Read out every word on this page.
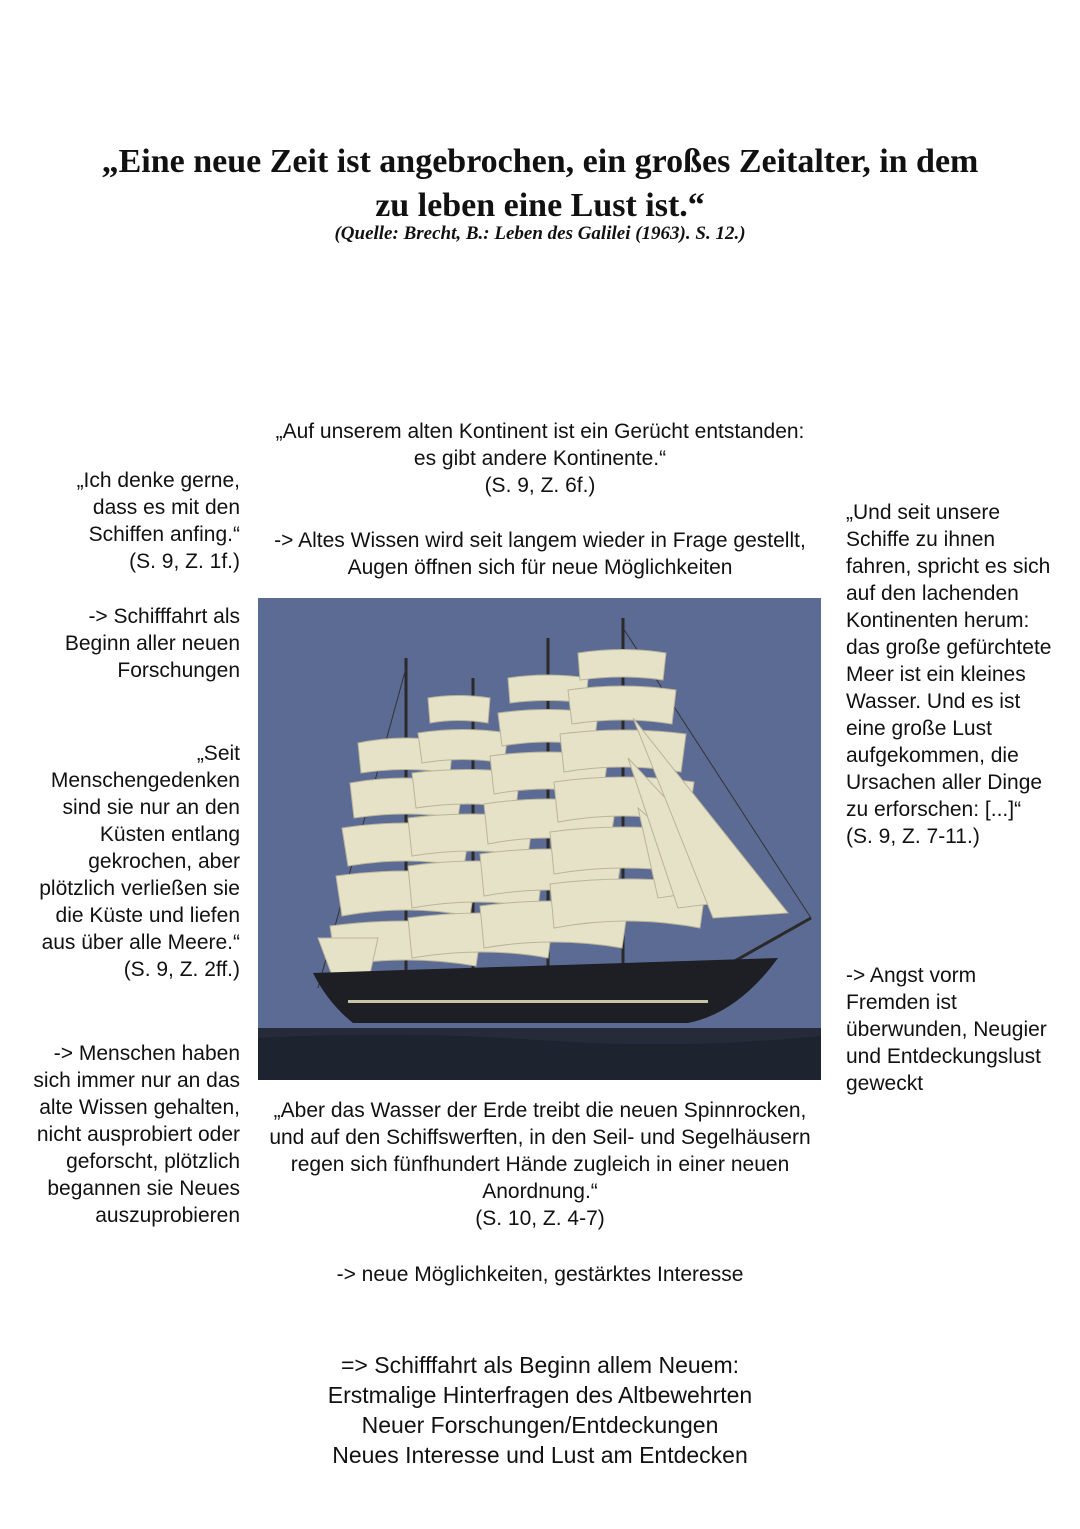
„Eine neue Zeit ist angebrochen, ein großes Zeitalter, in dem zu leben eine Lust ist.“
(Quelle: Brecht, B.: Leben des Galilei (1963). S. 12.)
„Ich denke gerne, dass es mit den Schiffen anfing.“
(S. 9, Z. 1f.)
-> Schifffahrt als Beginn aller neuen Forschungen
„Seit Menschengedenken sind sie nur an den Küsten entlang gekrochen, aber plötzlich verließen sie die Küste und liefen aus über alle Meere.“
(S. 9, Z. 2ff.)
-> Menschen haben sich immer nur an das alte Wissen gehalten, nicht ausprobiert oder geforscht, plötzlich begannen sie Neues auszuprobieren
„Auf unserem alten Kontinent ist ein Gerücht entstanden: es gibt andere Kontinente.“
(S. 9, Z. 6f.)
-> Altes Wissen wird seit langem wieder in Frage gestellt, Augen öffnen sich für neue Möglichkeiten
„Aber das Wasser der Erde treibt die neuen Spinnrocken, und auf den Schiffswerften, in den Seil- und Segelhäusern regen sich fünfhundert Hände zugleich in einer neuen Anordnung.“
(S. 10, Z. 4-7)
-> neue Möglichkeiten, gestärktes Interesse
„Und seit unsere Schiffe zu ihnen fahren, spricht es sich auf den lachenden Kontinenten herum: das große gefürchtete Meer ist ein kleines Wasser. Und es ist eine große Lust aufgekommen, die Ursachen aller Dinge zu erforschen: [...]“
(S. 9, Z. 7-11.)
-> Angst vorm Fremden ist überwunden, Neugier und Entdeckungslust geweckt
=> Schifffahrt als Beginn allem Neuem:
Erstmalige Hinterfragen des Altbewehrten
Neuer Forschungen/Entdeckungen
Neues Interesse und Lust am Entdecken
